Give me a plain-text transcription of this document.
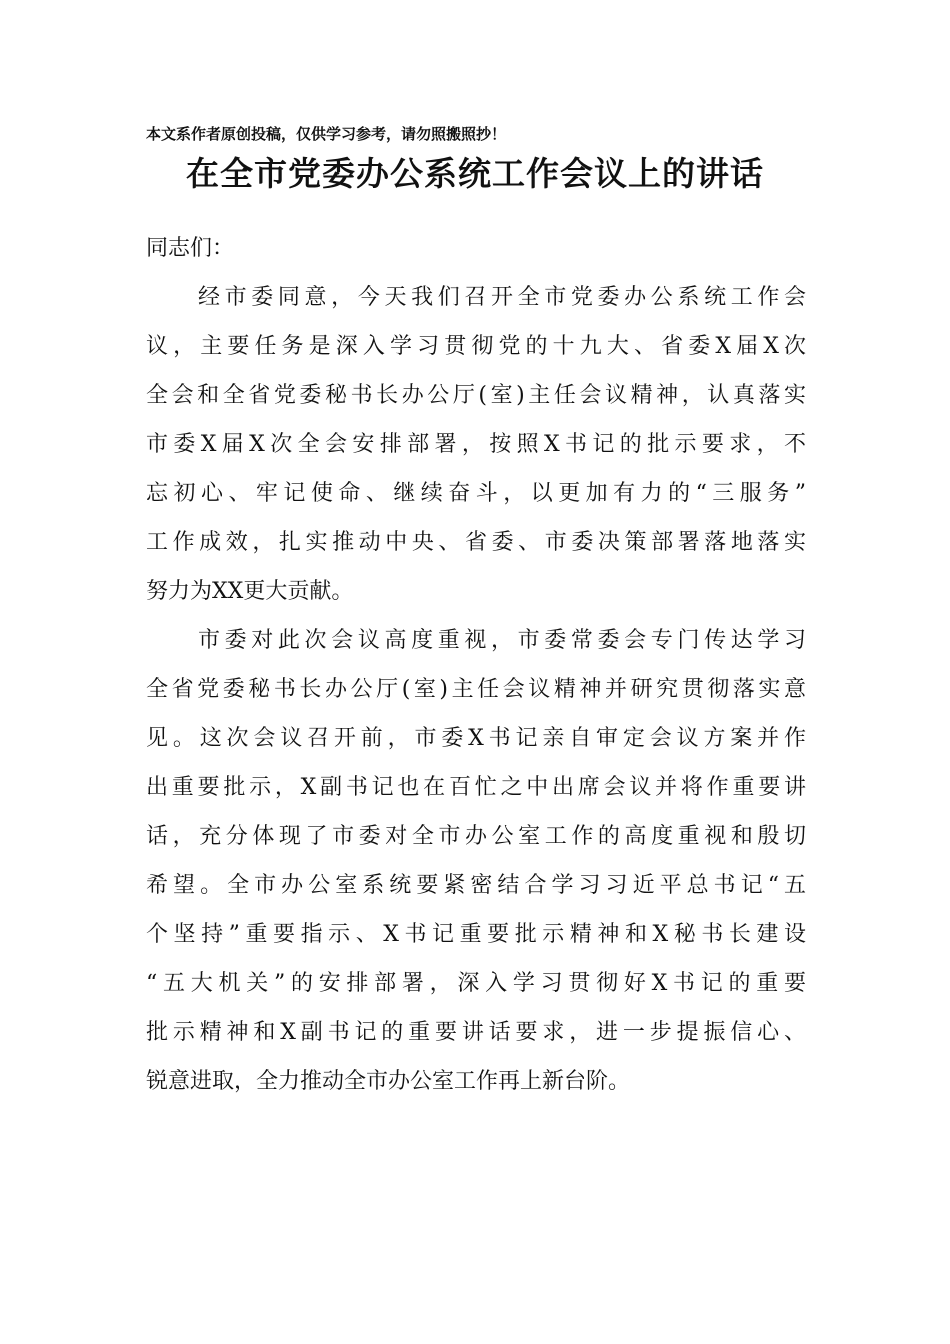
本文系作者原创投稿，仅供学习参考，请勿照搬照抄！
在全市党委办公系统工作会议上的讲话

同志们：

经市委同意，今天我们召开全市党委办公系统工作会
议，主要任务是深入学习贯彻党的十九大、省委X届X次
全会和全省党委秘书长办公厅(室)主任会议精神，认真落实
市委X届X次全会安排部署，按照X书记的批示要求，不
忘初心、牢记使命、继续奋斗，以更加有力的“三服务”
工作成效，扎实推动中央、省委、市委决策部署落地落实
努力为XX更大贡献。

市委对此次会议高度重视，市委常委会专门传达学习
全省党委秘书长办公厅(室)主任会议精神并研究贯彻落实意
见。这次会议召开前，市委X书记亲自审定会议方案并作
出重要批示，X副书记也在百忙之中出席会议并将作重要讲
话，充分体现了市委对全市办公室工作的高度重视和殷切
希望。全市办公室系统要紧密结合学习习近平总书记“五
个坚持”重要指示、X书记重要批示精神和X秘书长建设
“五大机关”的安排部署，深入学习贯彻好X书记的重要
批示精神和X副书记的重要讲话要求，进一步提振信心、
锐意进取，全力推动全市办公室工作再上新台阶。
